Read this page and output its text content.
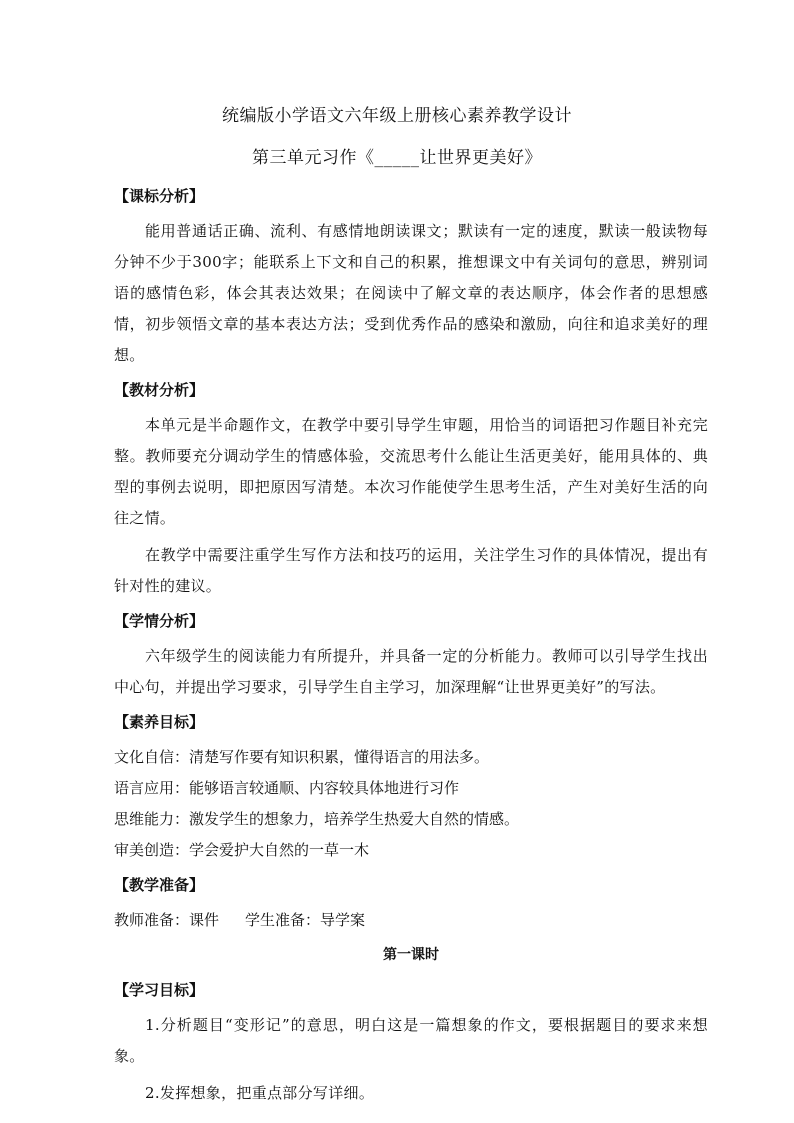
统编版小学语文六年级上册核心素养教学设计
第三单元习作《_____让世界更美好》
【课标分析】

能用普通话正确、流利、有感情地朗读课文；默读有一定的速度，默读一般读物每分钟不少于300字；能联系上下文和自己的积累，推想课文中有关词句的意思，辨别词语的感情色彩，体会其表达效果；在阅读中了解文章的表达顺序，体会作者的思想感情，初步领悟文章的基本表达方法；受到优秀作品的感染和激励，向往和追求美好的理想。

【教材分析】

本单元是半命题作文，在教学中要引导学生审题，用恰当的词语把习作题目补充完整。教师要充分调动学生的情感体验，交流思考什么能让生活更美好，能用具体的、典型的事例去说明，即把原因写清楚。本次习作能使学生思考生活，产生对美好生活的向往之情。

在教学中需要注重学生写作方法和技巧的运用，关注学生习作的具体情况，提出有针对性的建议。

【学情分析】

六年级学生的阅读能力有所提升，并具备一定的分析能力。教师可以引导学生找出中心句，并提出学习要求，引导学生自主学习，加深理解“让世界更美好”的写法。

【素养目标】
文化自信：清楚写作要有知识积累，懂得语言的用法多。
语言应用：能够语言较通顺、内容较具体地进行习作
思维能力：激发学生的想象力，培养学生热爱大自然的情感。
审美创造：学会爱护大自然的一草一木
【教学准备】
教师准备：课件 学生准备：导学案
第一课时
【学习目标】

1.分析题目“变形记”的意思，明白这是一篇想象的作文，要根据题目的要求来想象。

2.发挥想象，把重点部分写详细。
